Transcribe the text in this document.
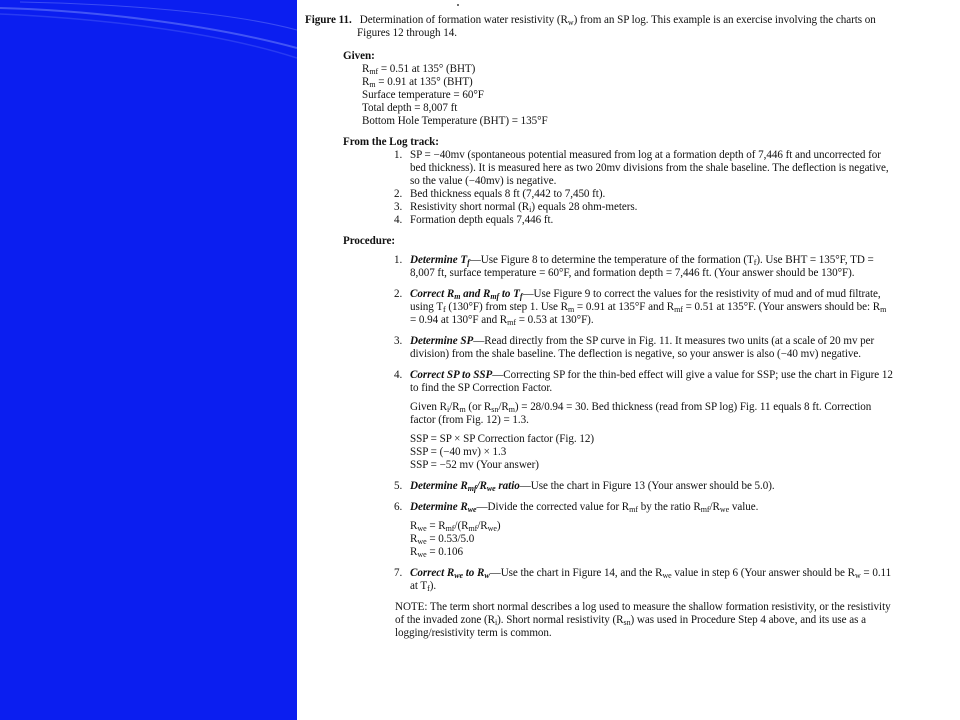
Figure 11. Determination of formation water resistivity $(R_w)$ from an SP log. This example is an exercise involving the charts on
Figures 12 through 14.
Given:
$R_{mf} = 0.51$ at 135° (BHT)
$R_m = 0.91$ at 135° (BHT)
Surface temperature = 60°F
Total depth = 8,007 ft
Bottom Hole Temperature (BHT) = 135°F
From the Log track:
1. SP = −40mv (spontaneous potential measured from log at a formation depth of 7,446 ft and uncorrected for
bed thickness). It is measured here as two 20mv divisions from the shale baseline. The deflection is negative,
so the value (−40mv) is negative.
2. Bed thickness equals 8 ft (7,442 to 7,450 ft).
3. Resistivity short normal $(R_i)$ equals 28 ohm-meters.
4. Formation depth equals 7,446 ft.
Procedure:
1. Determine $T_f—Use$ Figure 8 to determine the temperature of the formation $(T_f)$. Use BHT = 135°F, TD =
8,007 ft, surface temperature = 60°F, and formation depth = 7,446 ft. (Your answer should be 130°F).
2. Correct $R_m$ and $R_{mf}$ to $T_f—Use$ Figure 9 to correct the values for the resistivity of mud and of mud filtrate,
using $T_f$ (130°F) from step 1. Use $R_m = 0.91$ at 135°F and $R_{mf} = 0.51$ at 135°F. (Your answers should be: $R_m$
= 0.94 at 130°F and $R_{mf} = 0.53$ at 130°F).
3. Determine SP—Read directly from the SP curve in Fig. 11. It measures two units (at a scale of 20 mv per
division) from the shale baseline. The deflection is negative, so your answer is also (−40 mv) negative.
4. Correct SP to SSP—Correcting SP for the thin-bed effect will give a value for SSP; use the chart in Figure 12
to find the SP Correction Factor.
Given $R_i/R_m$ (or $R_{sn}/R_m) = 28/0.94 = 30$. Bed thickness (read from SP log) Fig. 11 equals 8 ft. Correction
factor (from Fig. 12) = 1.3.
SSP = SP × SP Correction factor (Fig. 12)
SSP = (−40 mv) × 1.3
SSP = −52 mv (Your answer)
5. Determine $R_{mf}/R_{we}$ ratio—Use the chart in Figure 13 (Your answer should be 5.0).
6. Determine $R_{we}—Divide$ the corrected value for $R_{mf}$ by the ratio $R_{mf}/R_{we}$ value.
$R_{we} = R_{mf}/(R_{mf}/R_{we})$
$R_{we} = 0.53/5.0$
$R_{we} = 0.106$
7. Correct $R_{we}$ to $R_w—Use$ the chart in Figure 14, and the $R_{we}$ value in step 6 (Your answer should be $R_w = 0.11$
at $T_f$).
NOTE: The term short normal describes a log used to measure the shallow formation resistivity, or the resistivity
of the invaded zone $(R_i)$. Short normal resistivity $(R_{sn})$ was used in Procedure Step 4 above, and its use as a
logging/resistivity term is common.
